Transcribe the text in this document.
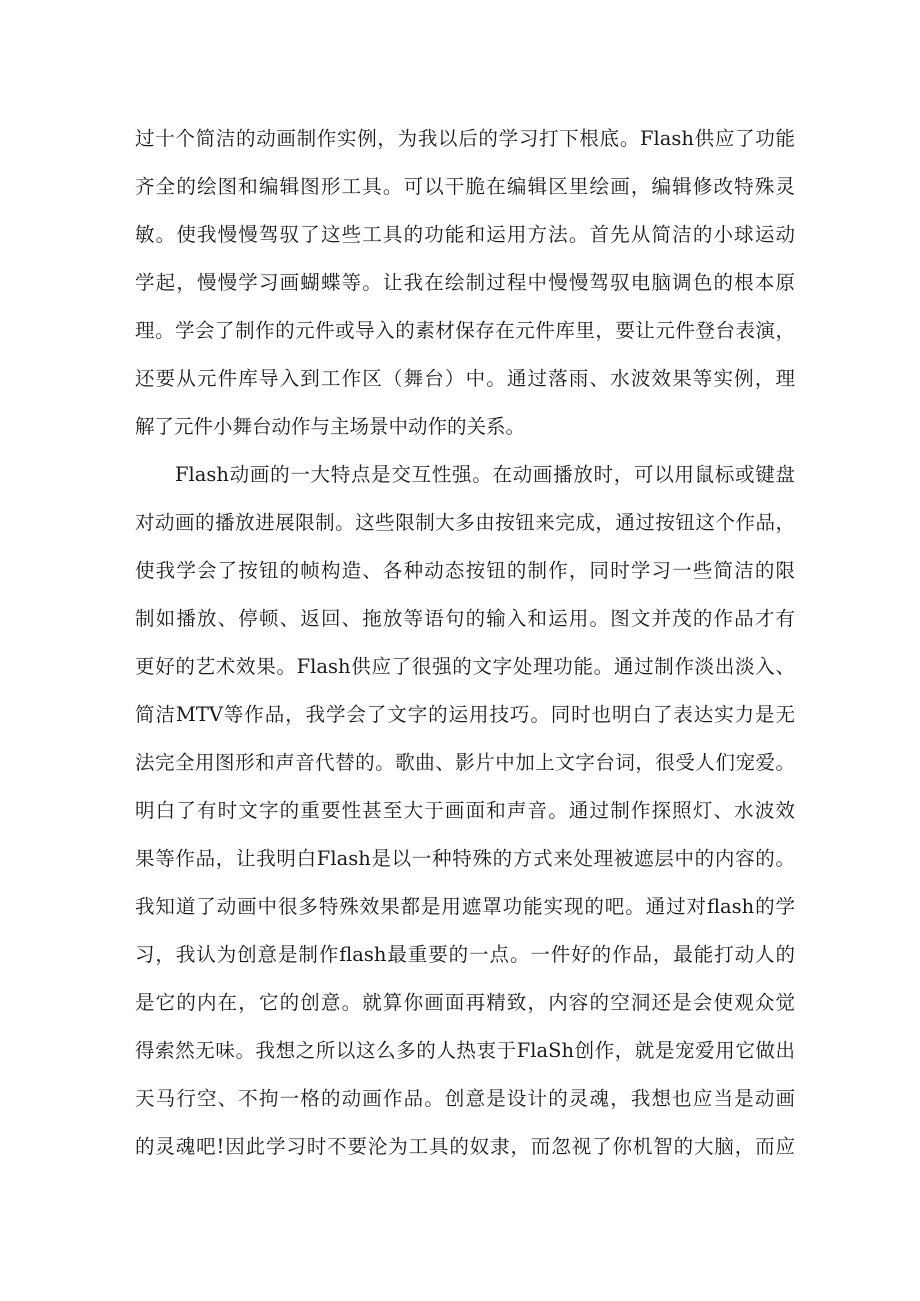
过十个简洁的动画制作实例，为我以后的学习打下根底。Flash供应了功能
齐全的绘图和编辑图形工具。可以干脆在编辑区里绘画，编辑修改特殊灵
敏。使我慢慢驾驭了这些工具的功能和运用方法。首先从简洁的小球运动
学起，慢慢学习画蝴蝶等。让我在绘制过程中慢慢驾驭电脑调色的根本原
理。学会了制作的元件或导入的素材保存在元件库里，要让元件登台表演，
还要从元件库导入到工作区（舞台）中。通过落雨、水波效果等实例，理
解了元件小舞台动作与主场景中动作的关系。
Flash动画的一大特点是交互性强。在动画播放时，可以用鼠标或键盘
对动画的播放进展限制。这些限制大多由按钮来完成，通过按钮这个作品，
使我学会了按钮的帧构造、各种动态按钮的制作，同时学习一些简洁的限
制如播放、停顿、返回、拖放等语句的输入和运用。图文并茂的作品才有
更好的艺术效果。Flash供应了很强的文字处理功能。通过制作淡出淡入、
简洁MTV等作品，我学会了文字的运用技巧。同时也明白了表达实力是无
法完全用图形和声音代替的。歌曲、影片中加上文字台词，很受人们宠爱。
明白了有时文字的重要性甚至大于画面和声音。通过制作探照灯、水波效
果等作品，让我明白Flash是以一种特殊的方式来处理被遮层中的内容的。
我知道了动画中很多特殊效果都是用遮罩功能实现的吧。通过对flash的学
习，我认为创意是制作flash最重要的一点。一件好的作品，最能打动人的
是它的内在，它的创意。就算你画面再精致，内容的空洞还是会使观众觉
得索然无味。我想之所以这么多的人热衷于FlaSh创作，就是宠爱用它做出
天马行空、不拘一格的动画作品。创意是设计的灵魂，我想也应当是动画
的灵魂吧!因此学习时不要沦为工具的奴隶，而忽视了你机智的大脑，而应
